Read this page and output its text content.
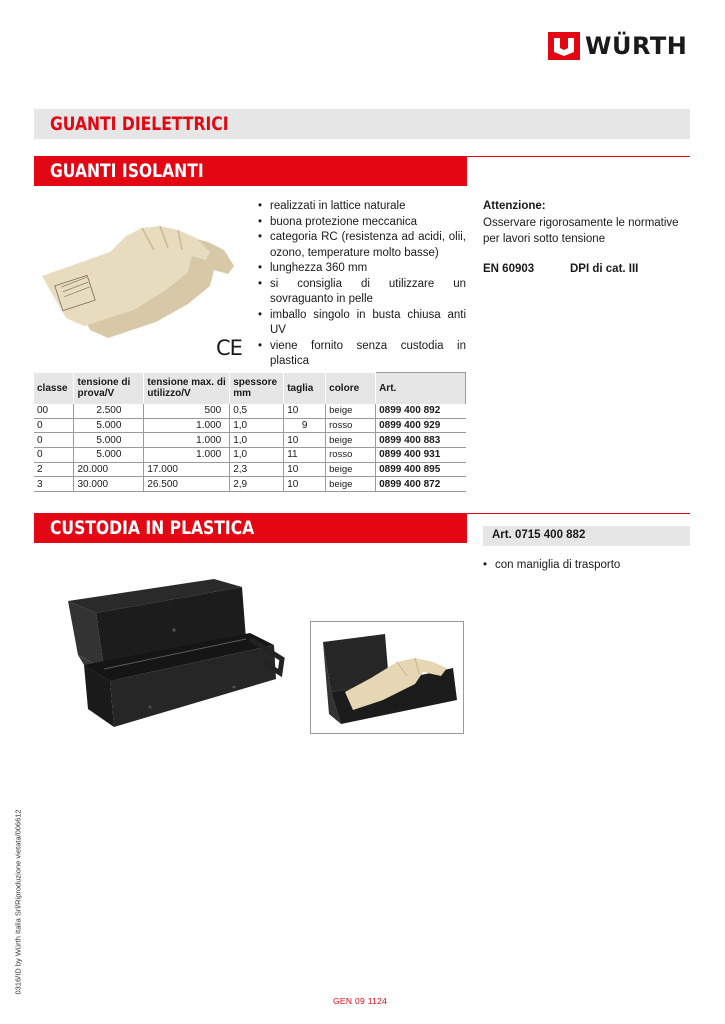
WÜRTH
GUANTI DIELETTRICI
GUANTI ISOLANTI
CE
• realizzati in lattice naturale
• buona protezione meccanica
• categoria RC (resistenza ad acidi, olii, ozono, temperature molto basse)
• lunghezza 360 mm
• si consiglia di utilizzare un sovraguanto in pelle
• imballo singolo in busta chiusa anti UV
• viene fornito senza custodia in plastica
Attenzione:
Osservare rigorosamente le normative per lavori sotto tensione
EN 60903	DPI di cat. III
classe	tensione di prova/V	tensione max. di utilizzo/V	spessore mm	taglia	colore	Art.
00	2.500	500	0,5	10	beige	0899 400 892
0	5.000	1.000	1,0	9	rosso	0899 400 929
0	5.000	1.000	1,0	10	beige	0899 400 883
0	5.000	1.000	1,0	11	rosso	0899 400 931
2	20.000	17.000	2,3	10	beige	0899 400 895
3	30.000	26.500	2,9	10	beige	0899 400 872
CUSTODIA IN PLASTICA	Art. 0715 400 882
• con maniglia di trasporto
0316/ID by Würth Italia Srl/Riproduzione vietata/006612
GEN 09 1124
